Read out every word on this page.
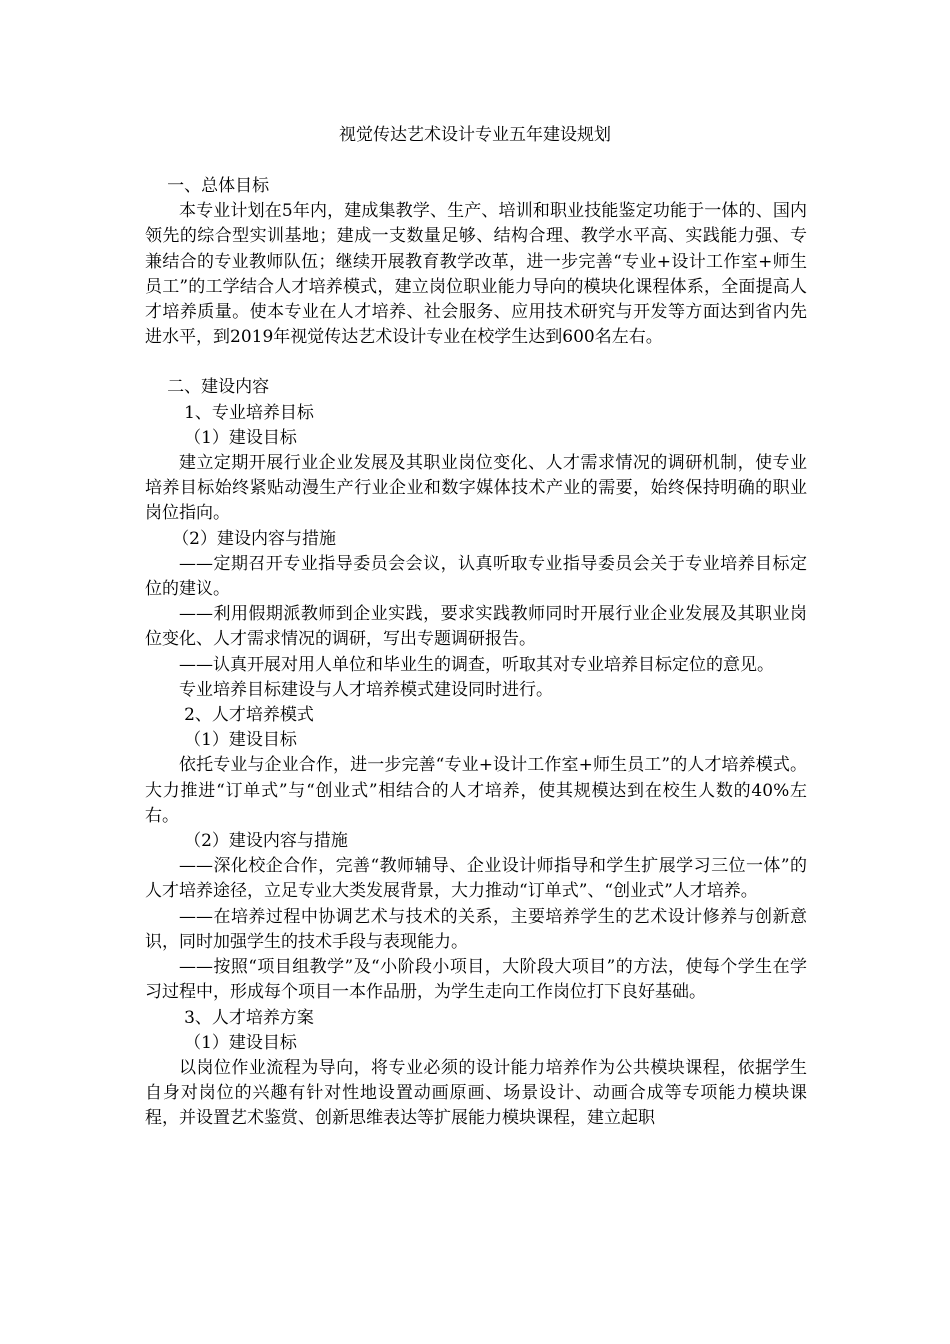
视觉传达艺术设计专业五年建设规划

一、总体目标

本专业计划在5年内，建成集教学、生产、培训和职业技能鉴定功能于一体的、国内领先的综合型实训基地；建成一支数量足够、结构合理、教学水平高、实践能力强、专兼结合的专业教师队伍；继续开展教育教学改革，进一步完善“专业+设计工作室+师生员工”的工学结合人才培养模式，建立岗位职业能力导向的模块化课程体系，全面提高人才培养质量。使本专业在人才培养、社会服务、应用技术研究与开发等方面达到省内先进水平，到2019年视觉传达艺术设计专业在校学生达到600名左右。

二、建设内容

1、专业培养目标

（1）建设目标

建立定期开展行业企业发展及其职业岗位变化、人才需求情况的调研机制，使专业培养目标始终紧贴动漫生产行业企业和数字媒体技术产业的需要，始终保持明确的职业岗位指向。

（2）建设内容与措施

——定期召开专业指导委员会会议，认真听取专业指导委员会关于专业培养目标定位的建议。

——利用假期派教师到企业实践，要求实践教师同时开展行业企业发展及其职业岗位变化、人才需求情况的调研，写出专题调研报告。

——认真开展对用人单位和毕业生的调查，听取其对专业培养目标定位的意见。

专业培养目标建设与人才培养模式建设同时进行。

2、人才培养模式

（1）建设目标

依托专业与企业合作，进一步完善“专业+设计工作室+师生员工”的人才培养模式。大力推进“订单式”与“创业式”相结合的人才培养，使其规模达到在校生人数的40%左右。

（2）建设内容与措施

——深化校企合作，完善“教师辅导、企业设计师指导和学生扩展学习三位一体”的人才培养途径，立足专业大类发展背景，大力推动“订单式”、“创业式”人才培养。

——在培养过程中协调艺术与技术的关系，主要培养学生的艺术设计修养与创新意识，同时加强学生的技术手段与表现能力。

——按照“项目组教学”及“小阶段小项目，大阶段大项目”的方法，使每个学生在学习过程中，形成每个项目一本作品册，为学生走向工作岗位打下良好基础。

3、人才培养方案

（1）建设目标

以岗位作业流程为导向，将专业必须的设计能力培养作为公共模块课程，依据学生自身对岗位的兴趣有针对性地设置动画原画、场景设计、动画合成等专项能力模块课程，并设置艺术鉴赏、创新思维表达等扩展能力模块课程，建立起职
